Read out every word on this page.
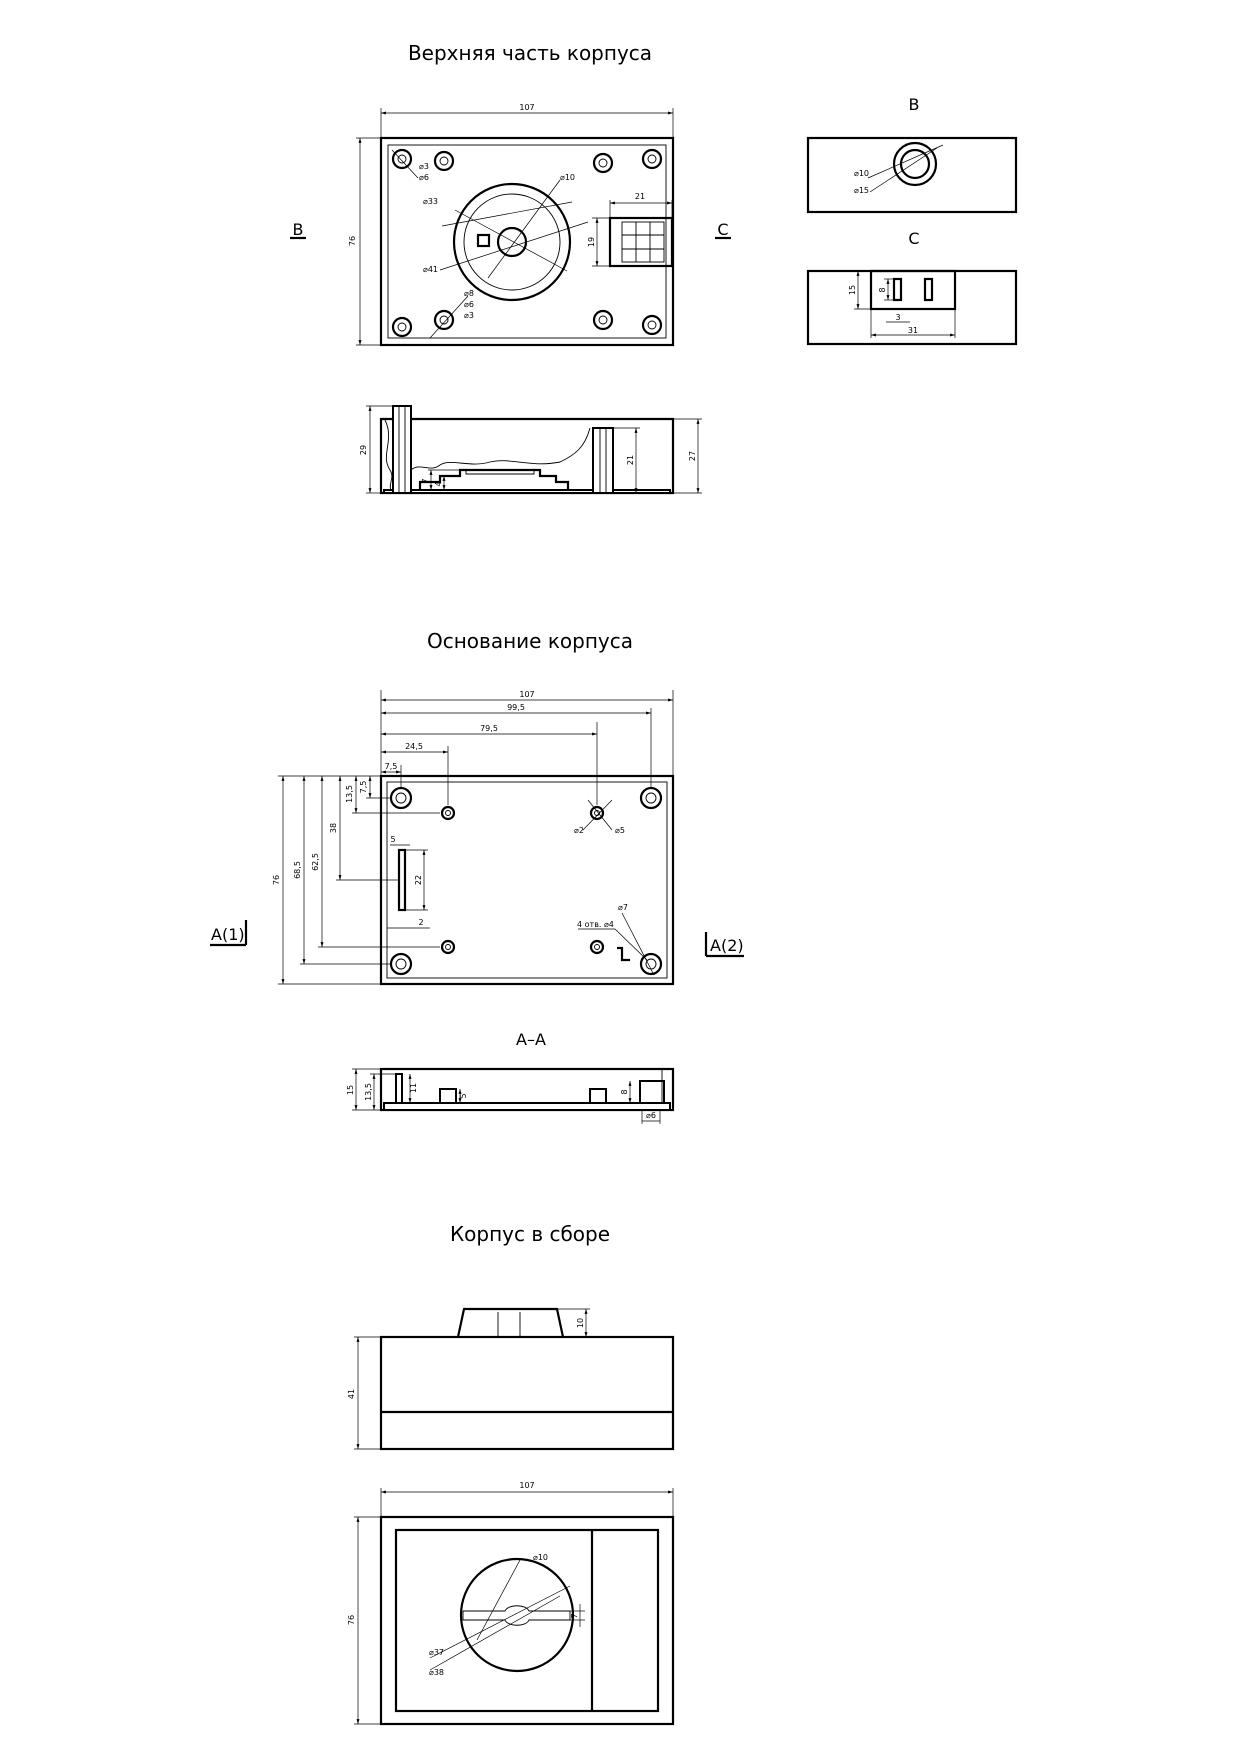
Верхняя часть корпуса
Основание корпуса
Корпус в сборе
107
76
⌀3
⌀6	⌀10
⌀33
⌀41
⌀8
⌀6
⌀3
21
19
B	C
B
⌀10
⌀15
C
15	8
3
31
29
7
4
21	27
107
99,5
79,5
24,5
7,5
76
68,5 62,5
38
13,5 7,5
5
22
2
⌀2	⌀5
⌀7
4 отв. ⌀4
A(1)
A(2)
A–A
15 13,5	11
5
8
⌀6
41
10
107
76
⌀10
7
⌀37
⌀38
